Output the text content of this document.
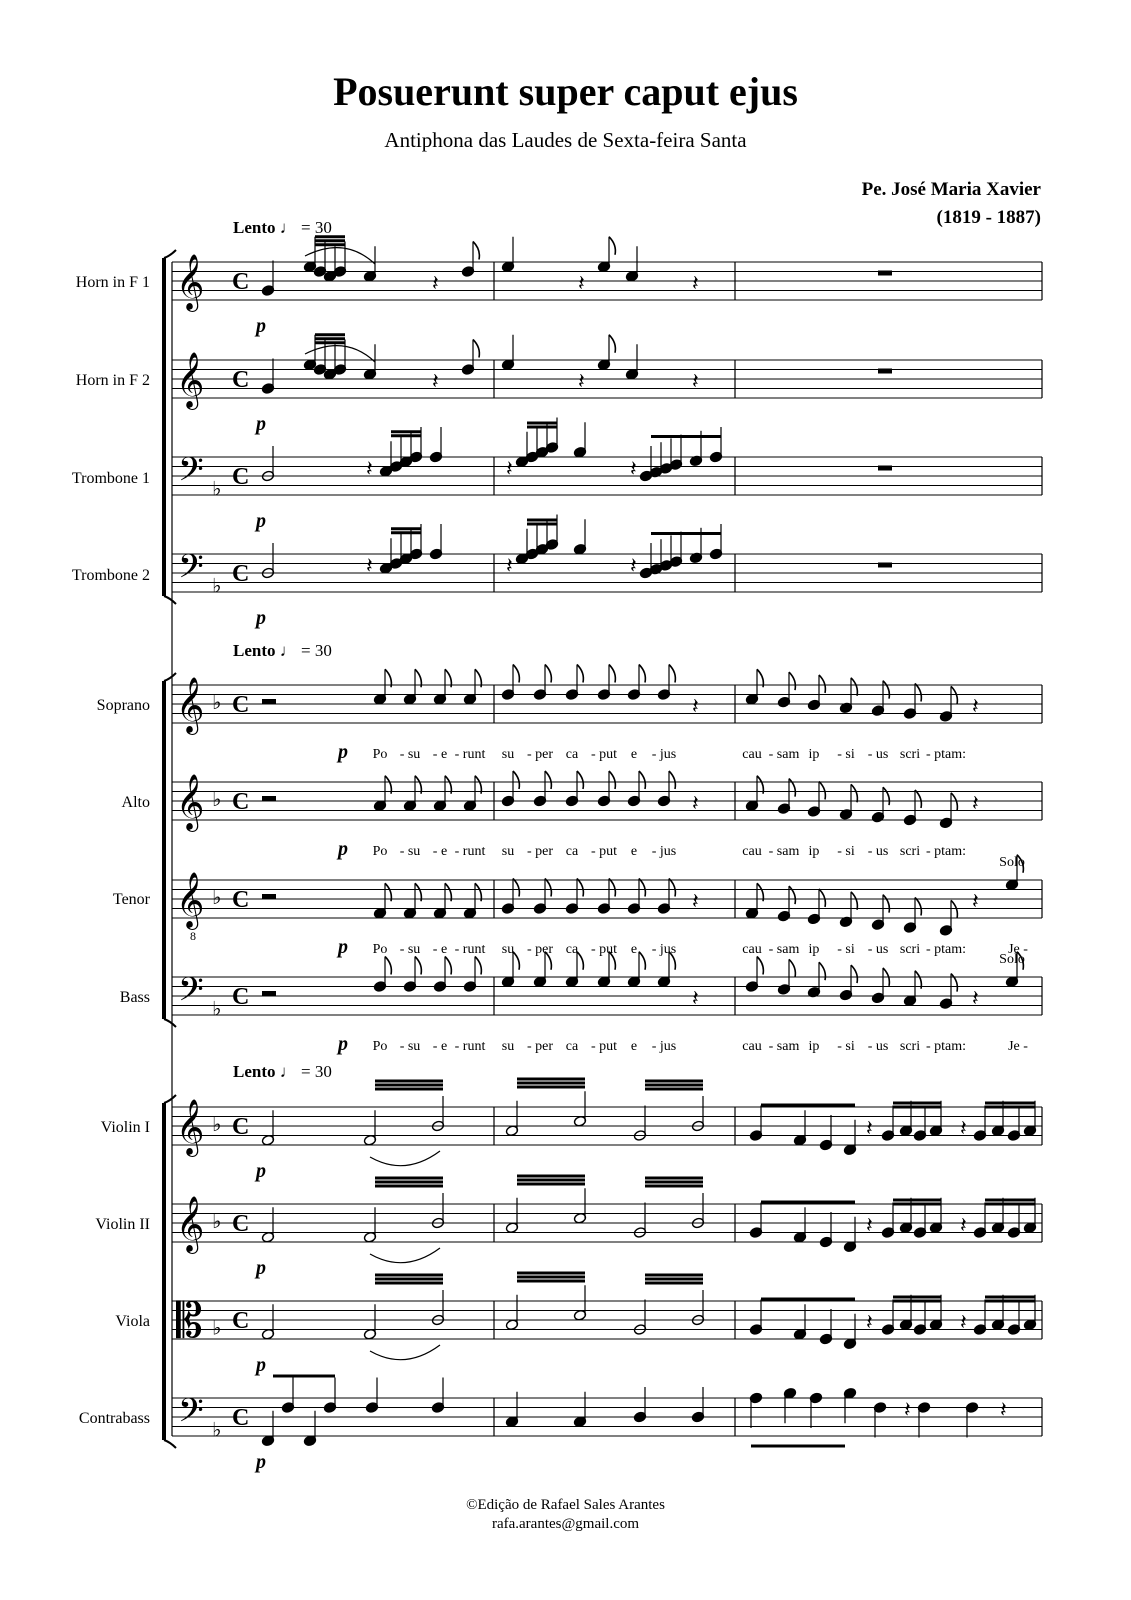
Posuerunt super caput ejus
Antiphona das Laudes de Sexta-feira Santa
Pe. José Maria Xavier
(1819 - 1887)
Lento ♩ = 30
Lento ♩ = 30
Lento ♩ = 30
Horn in F 1
Horn in F 2
Trombone 1
Trombone 2
Soprano
Alto
Tenor
Bass
Violin I
Violin II
Viola
Contrabass
𝄞 C
𝄞 C
𝄢 ♭ C
𝄢 ♭ C
𝄞 ♭ C
𝄞 ♭ C
𝄞 ♭ C
𝄢 ♭ C
𝄞 ♭ C
𝄞 ♭ C
𝄡 ♭ C
𝄢 ♭ C
𝄽	𝄽	𝄽
𝄽	𝄽	𝄽
𝄽	𝄽	𝄽
𝄽	𝄽	𝄽
𝄽	𝄽
𝄽	𝄽
𝄽	𝄽
𝄽	𝄽
𝄽	𝄽
𝄽	𝄽
𝄽	𝄽
𝄽	𝄽
p
p
p
p
Po - su - e - runt su - per ca - put e - jus	cau - sam ip - si - us scri - ptam:
p
Po - su - e - runt su - per ca - put e - jus	cau - sam ip - si - us scri - ptam:
p
Po - su - e - runt su - per ca - put e - jus	cau - sam ip - si - us scri - ptam:
p
Po - su - e - runt su - per ca - put e - jus	cau - sam ip - si - us scri - ptam:
p
Solo
Je -
Solo
Je -
8
p
p
p
p
©Edição de Rafael Sales Arantes
rafa.arantes@gmail.com
